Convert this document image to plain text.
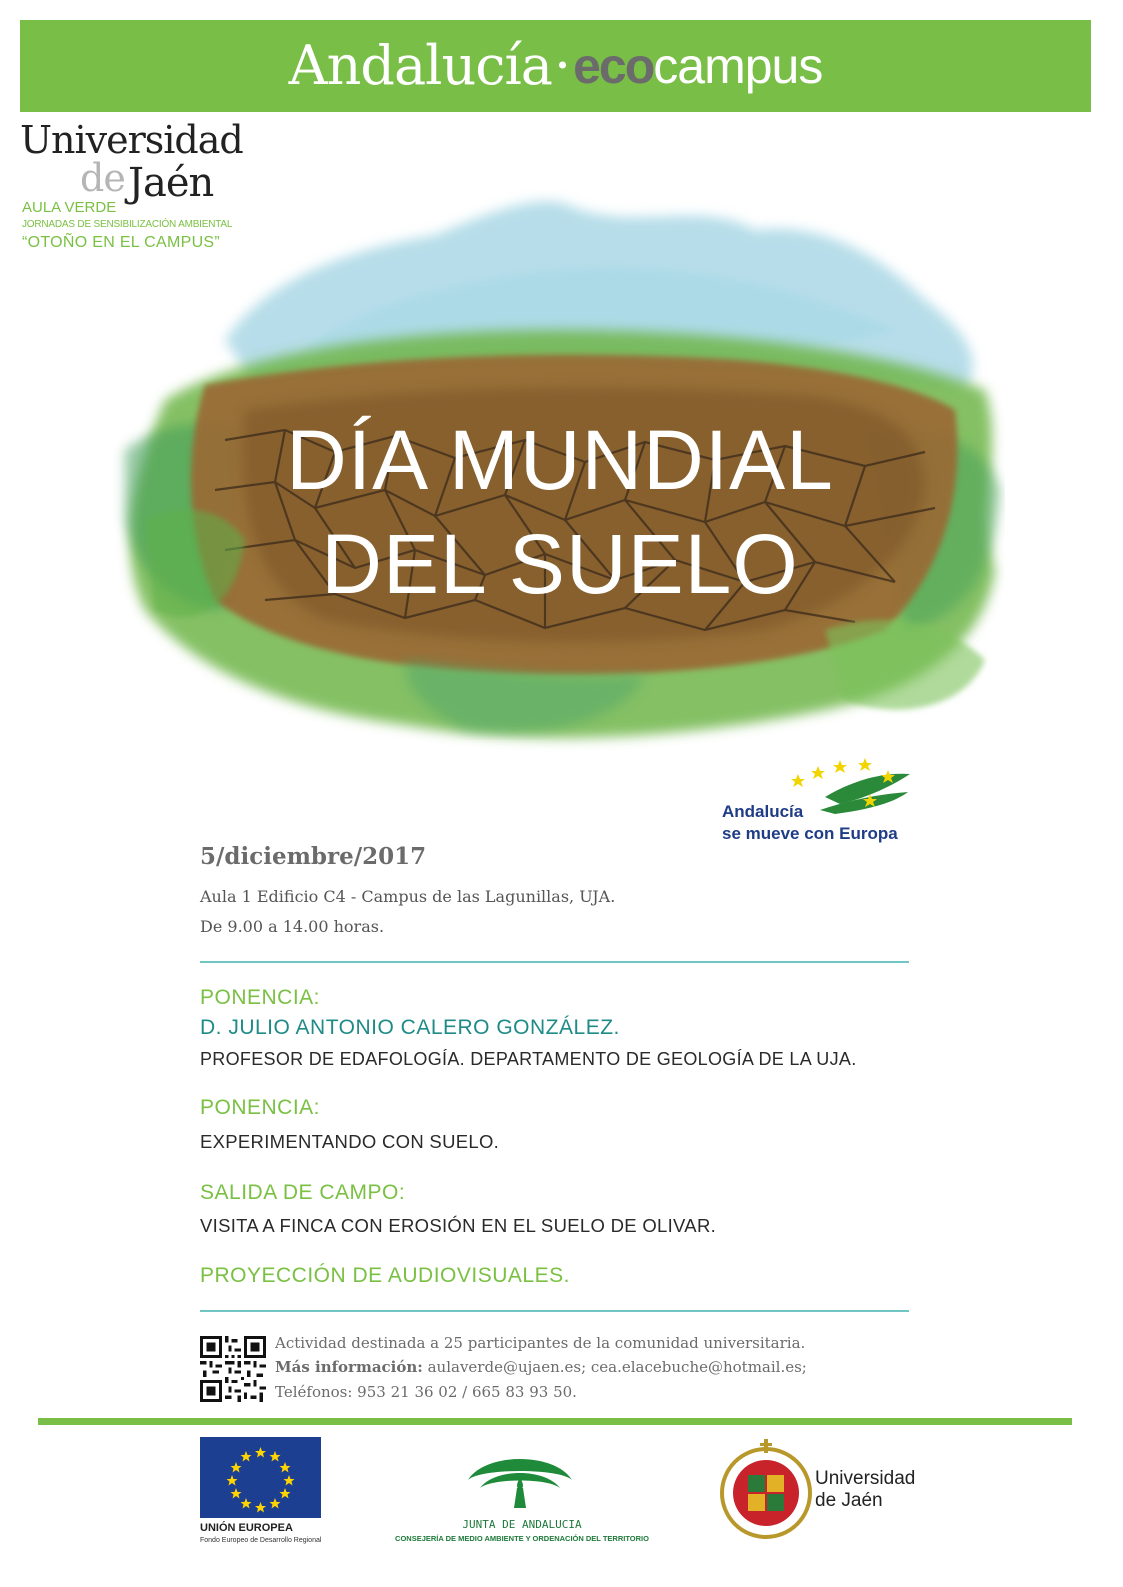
Andalucía · eco campus
Universidad
de Jaén
AULA VERDE
JORNADAS DE SENSIBILIZACIÓN AMBIENTAL
“OTOÑO EN EL CAMPUS”
DÍA MUNDIAL
DEL SUELO
Andalucía
se mueve con Europa
5/diciembre/2017
Aula 1 Edificio C4 - Campus de las Lagunillas, UJA.
De 9.00 a 14.00 horas.
PONENCIA:
D. JULIO ANTONIO CALERO GONZÁLEZ.
PROFESOR DE EDAFOLOGÍA. DEPARTAMENTO DE GEOLOGÍA DE LA UJA.
PONENCIA:
EXPERIMENTANDO CON SUELO.
SALIDA DE CAMPO:
VISITA A FINCA CON EROSIÓN EN EL SUELO DE OLIVAR.
PROYECCIÓN DE AUDIOVISUALES.
Actividad destinada a 25 participantes de la comunidad universitaria.
Más información: aulaverde@ujaen.es; cea.elacebuche@hotmail.es;
Teléfonos: 953 21 36 02 / 665 83 93 50.
UNIÓN EUROPEA
Fondo Europeo de Desarrollo Regional
JUNTA DE ANDALUCIA
CONSEJERÍA DE MEDIO AMBIENTE Y ORDENACIÓN DEL TERRITORIO
Universidad
de Jaén
